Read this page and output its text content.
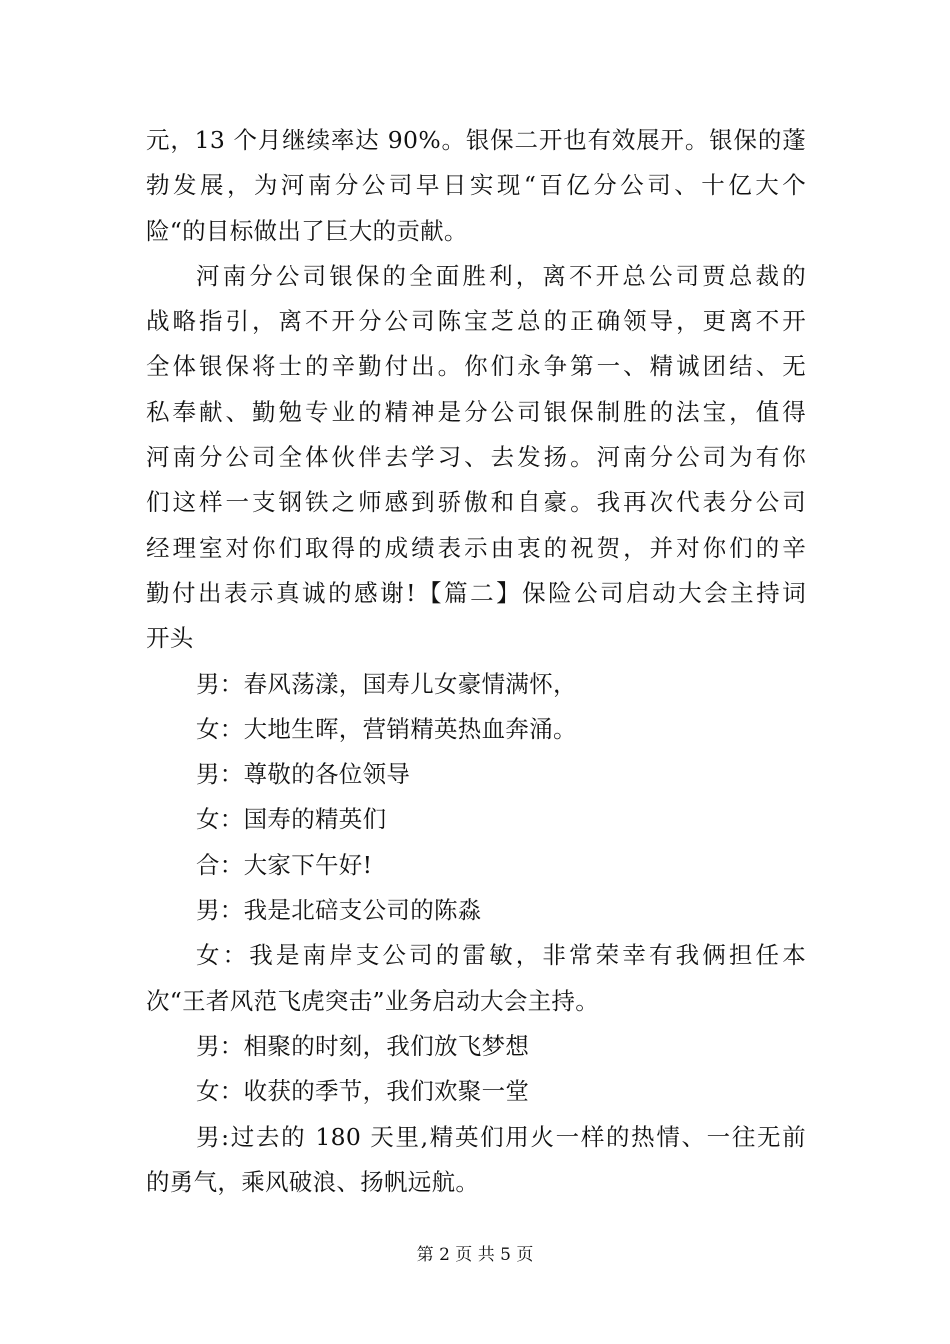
元，13 个月继续率达 90%。银保二开也有效展开。银保的蓬
勃发展，为河南分公司早日实现“百亿分公司、十亿大个
险“的目标做出了巨大的贡献。
河南分公司银保的全面胜利，离不开总公司贾总裁的
战略指引，离不开分公司陈宝芝总的正确领导，更离不开
全体银保将士的辛勤付出。你们永争第一、精诚团结、无
私奉献、勤勉专业的精神是分公司银保制胜的法宝，值得
河南分公司全体伙伴去学习、去发扬。河南分公司为有你
们这样一支钢铁之师感到骄傲和自豪。我再次代表分公司
经理室对你们取得的成绩表示由衷的祝贺，并对你们的辛
勤付出表示真诚的感谢!【篇二】保险公司启动大会主持词
开头
男：春风荡漾，国寿儿女豪情满怀，
女：大地生晖，营销精英热血奔涌。
男：尊敬的各位领导
女：国寿的精英们
合：大家下午好!
男：我是北碚支公司的陈淼
女：我是南岸支公司的雷敏，非常荣幸有我俩担任本
次“王者风范飞虎突击”业务启动大会主持。
男：相聚的时刻，我们放飞梦想
女：收获的季节，我们欢聚一堂
男:过去的 180 天里,精英们用火一样的热情、一往无前
的勇气，乘风破浪、扬帆远航。
第 2 页 共 5 页
